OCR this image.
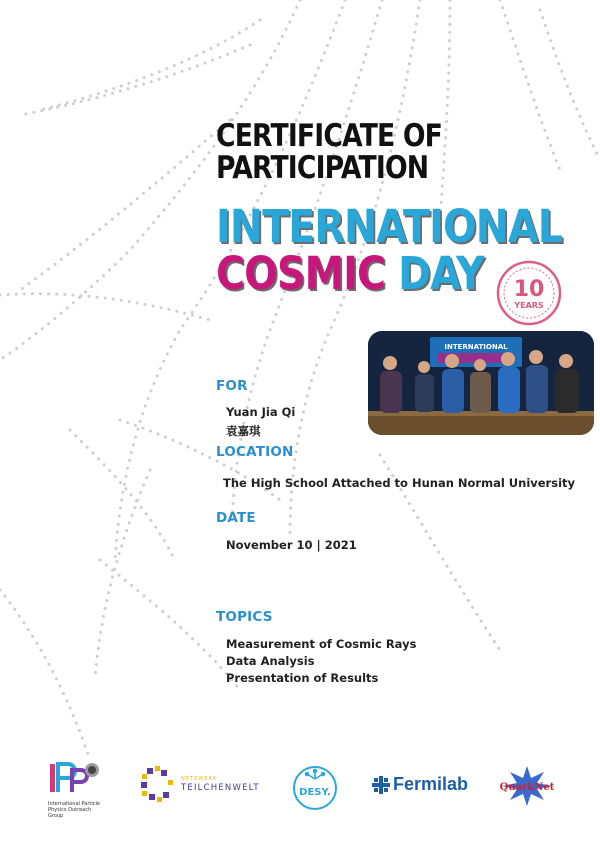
CERTIFICATE OF
PARTICIPATION
INTERNATIONAL
COSMIC DAY 10
YEARS
INTERNATIONAL
FOR
Yuan Jia Qi
袁嘉琪
LOCATION
The High School Attached to Hunan Normal University
DATE
November 10 | 2021
TOPICS
Measurement of Cosmic Rays
Data Analysis
Presentation of Results
International Particle
Physics Outreach Group
NETZWERK
TEILCHENWELT	DESY.	Fermilab	QuarkNet
